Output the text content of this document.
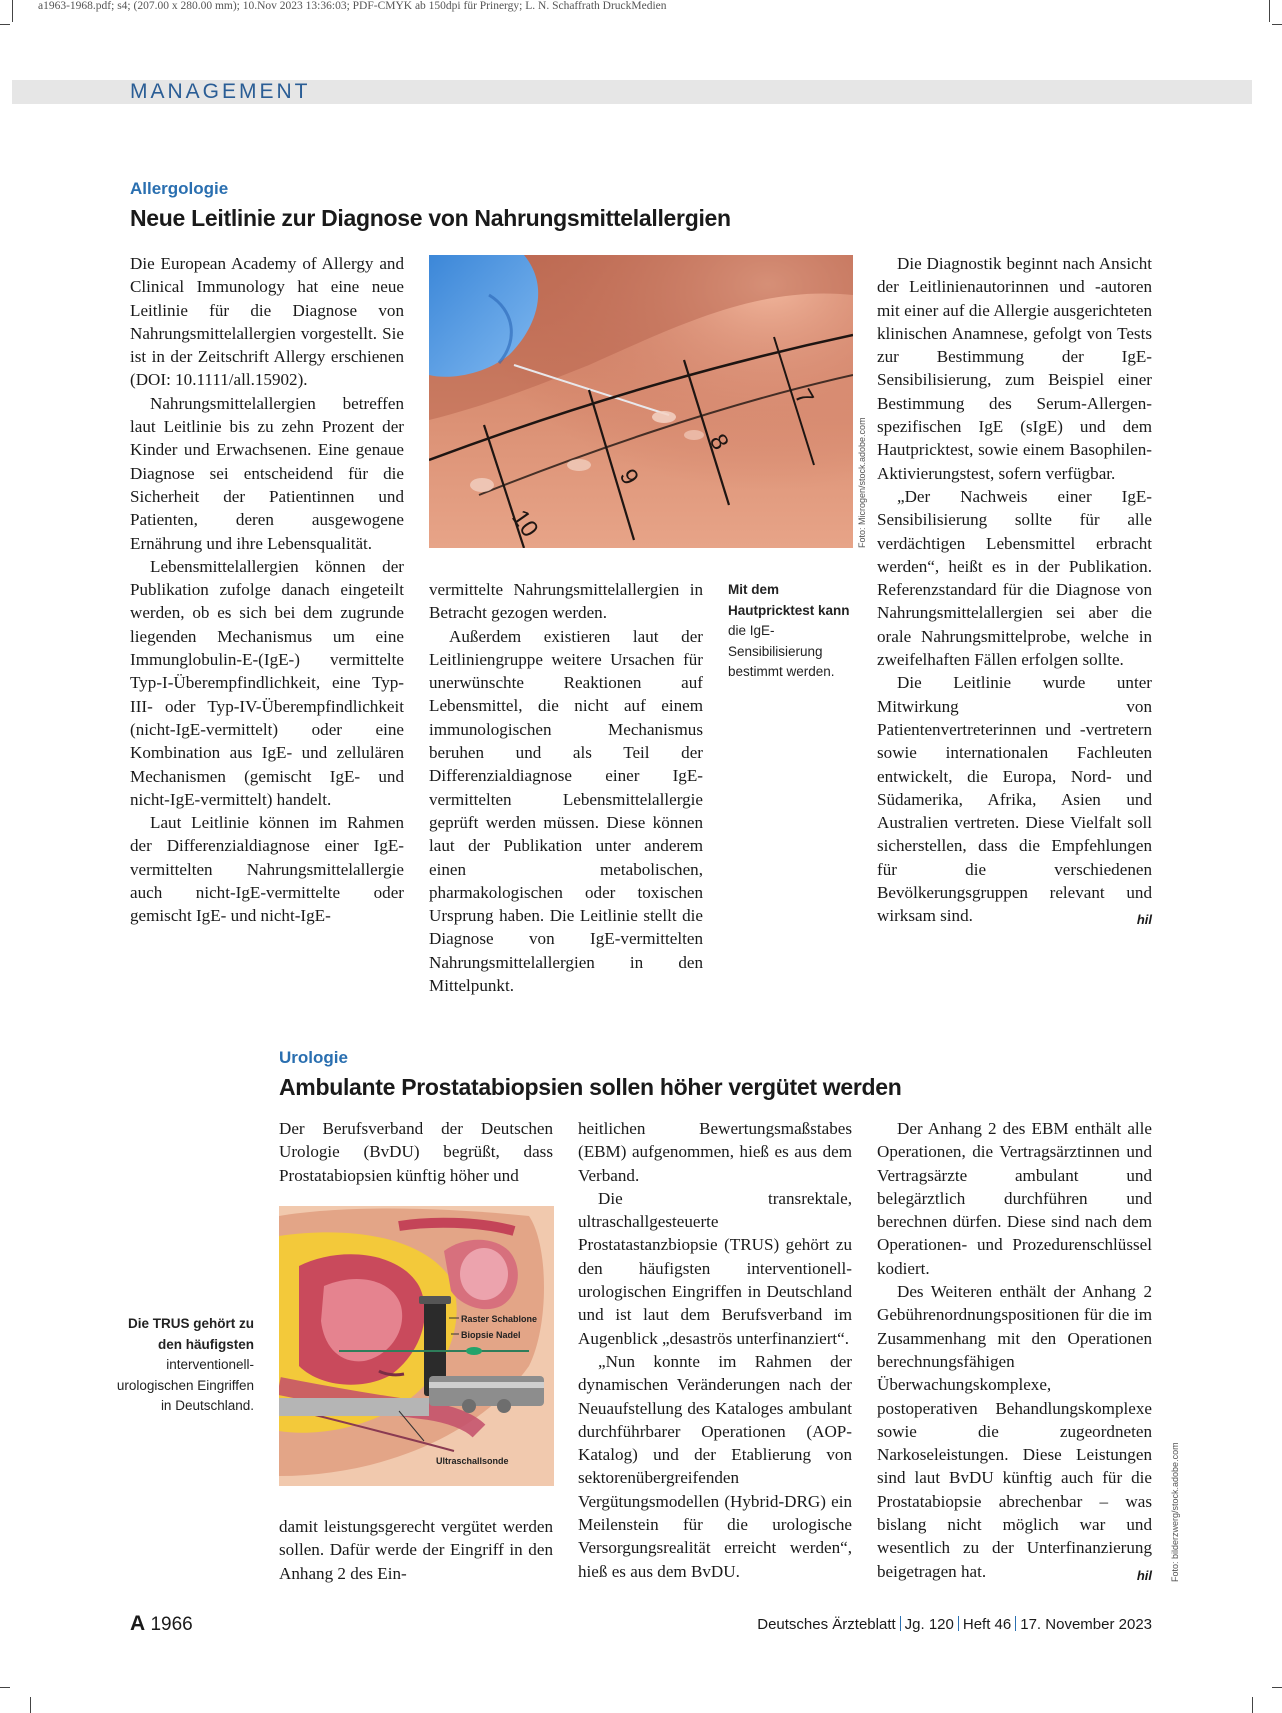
a1963-1968.pdf; s4; (207.00 x 280.00 mm); 10.Nov 2023 13:36:03; PDF-CMYK ab 150dpi für Prinergy; L. N. Schaffrath DruckMedien
MANAGEMENT
Allergologie
Neue Leitlinie zur Diagnose von Nahrungsmittelallergien

Die European Academy of Allergy and Clinical Immunology hat eine neue Leitlinie für die Diagnose von Nahrungsmittelallergien vorgestellt. Sie ist in der Zeitschrift Allergy erschienen (DOI: 10.1111/all.15902).

Nahrungsmittelallergien betreffen laut Leitlinie bis zu zehn Prozent der Kinder und Erwachsenen. Eine genaue Diagnose sei entscheidend für die Sicherheit der Patientinnen und Patienten, deren ausgewogene Ernährung und ihre Lebensqualität.

Lebensmittelallergien können der Publikation zufolge danach eingeteilt werden, ob es sich bei dem zugrunde liegenden Mechanismus um eine Immunglobulin-E-(IgE-) vermittelte Typ-I-Überempfindlichkeit, eine Typ-III- oder Typ-IV-Überempfindlichkeit (nicht-IgE-vermittelt) oder eine Kombination aus IgE- und zellulären Mechanismen (gemischt IgE- und nicht-IgE-vermittelt) handelt.

Laut Leitlinie können im Rahmen der Differenzialdiagnose einer IgE-vermittelten Nahrungsmittelallergie auch nicht-IgE-vermittelte oder gemischt IgE- und nicht-IgE-

10
9
8
7
Foto: Microgen/stock.adobe.com

vermittelte Nahrungsmittelallergien in Betracht gezogen werden.

Außerdem existieren laut der Leitliniengruppe weitere Ursachen für unerwünschte Reaktionen auf Lebensmittel, die nicht auf einem immunologischen Mechanismus beruhen und als Teil der Differenzialdiagnose einer IgE-vermittelten Lebensmittelallergie geprüft werden müssen. Diese können laut der Publikation unter anderem einen metabolischen, pharmakologischen oder toxischen Ursprung haben. Die Leitlinie stellt die Diagnose von IgE-vermittelten Nahrungsmittelallergien in den Mittelpunkt.

Mit dem Hautpricktest kann die IgE-Sensibilisierung bestimmt werden.

Die Diagnostik beginnt nach Ansicht der Leitlinienautorinnen und -autoren mit einer auf die Allergie ausgerichteten klinischen Anamnese, gefolgt von Tests zur Bestimmung der IgE-Sensibilisierung, zum Beispiel einer Bestimmung des Serum-Allergen-spezifischen IgE (sIgE) und dem Hautpricktest, sowie einem Basophilen-Aktivierungstest, sofern verfügbar.

„Der Nachweis einer IgE-Sensibilisierung sollte für alle verdächtigen Lebensmittel erbracht werden“, heißt es in der Publikation. Referenzstandard für die Diagnose von Nahrungsmittelallergien sei aber die orale Nahrungsmittelprobe, welche in zweifelhaften Fällen erfolgen sollte.

Die Leitlinie wurde unter Mitwirkung von Patientenvertreterinnen und -vertretern sowie internationalen Fachleuten entwickelt, die Europa, Nord- und Südamerika, Afrika, Asien und Australien vertreten. Diese Vielfalt soll sicherstellen, dass die Empfehlungen für die verschiedenen Bevölkerungsgruppen relevant und wirksam sind.	hil

Urologie
Ambulante Prostatabiopsien sollen höher vergütet werden

Der Berufsverband der Deutschen Urologie (BvDU) begrüßt, dass Prostatabiopsien künftig höher und

Raster Schablone
Biopsie Nadel
Ultraschallsonde
Die TRUS gehört zu den häufigsten
interventionell-urologischen Eingriffen in Deutschland.

damit leistungsgerecht vergütet werden sollen. Dafür werde der Eingriff in den Anhang 2 des Ein-

heitlichen Bewertungsmaßstabes (EBM) aufgenommen, hieß es aus dem Verband.

Die transrektale, ultraschallgesteuerte Prostatastanzbiopsie (TRUS) gehört zu den häufigsten interventionell-urologischen Eingriffen in Deutschland und ist laut dem Berufsverband im Augenblick „desaströs unterfinanziert“.

„Nun konnte im Rahmen der dynamischen Veränderungen nach der Neuaufstellung des Kataloges ambulant durchführbarer Operationen (AOP-Katalog) und der Etablierung von sektorenübergreifenden Vergütungsmodellen (Hybrid-DRG) ein Meilenstein für die urologische Versorgungsrealität erreicht werden“, hieß es aus dem BvDU.

Der Anhang 2 des EBM enthält alle Operationen, die Vertragsärztinnen und Vertragsärzte ambulant und belegärztlich durchführen und berechnen dürfen. Diese sind nach dem Operationen- und Prozedurenschlüssel kodiert.

Des Weiteren enthält der Anhang 2 Gebührenordnungspositionen für die im Zusammenhang mit den Operationen berechnungsfähigen Überwachungskomplexe, postoperativen Behandlungskomplexe sowie die zugeordneten Narkoseleistungen. Diese Leistungen sind laut BvDU künftig auch für die Prostatabiopsie abrechenbar – was bislang nicht möglich war und wesentlich zu der Unterfinanzierung beigetragen hat.	hil Foto: bilderzwerg/stock.adobe.com
A 1966	Deutsches Ärzteblatt Jg. 120 Heft 46 17. November 2023
